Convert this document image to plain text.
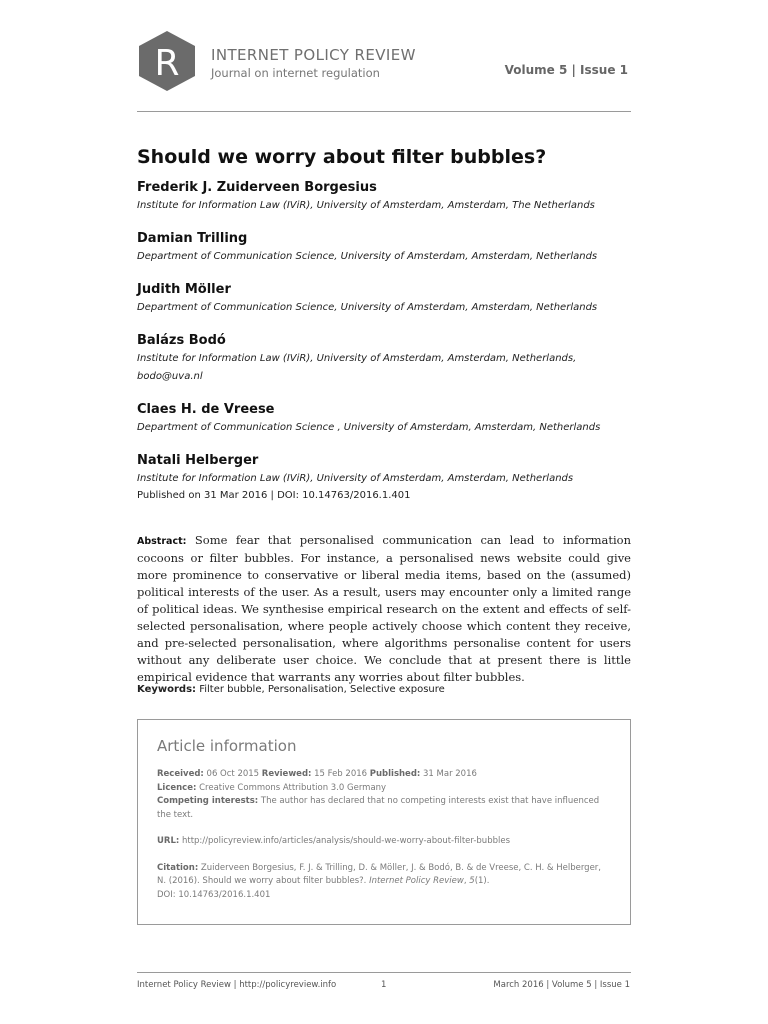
R INTERNET POLICY REVIEW
Journal on internet regulation	Volume 5 | Issue 1
Should we worry about filter bubbles?
Frederik J. Zuiderveen Borgesius
Institute for Information Law (IViR), University of Amsterdam, Amsterdam, The Netherlands
Damian Trilling
Department of Communication Science, University of Amsterdam, Amsterdam, Netherlands
Judith Möller
Department of Communication Science, University of Amsterdam, Amsterdam, Netherlands
Balázs Bodó
Institute for Information Law (IViR), University of Amsterdam, Amsterdam, Netherlands,
bodo@uva.nl
Claes H. de Vreese
Department of Communication Science , University of Amsterdam, Amsterdam, Netherlands
Natali Helberger
Institute for Information Law (IViR), University of Amsterdam, Amsterdam, Netherlands
Published on 31 Mar 2016 | DOI: 10.14763/2016.1.401
Abstract: Some fear that personalised communication can lead to information cocoons or filter bubbles. For instance, a personalised news website could give more prominence to conservative or liberal media items, based on the (assumed) political interests of the user. As a result, users may encounter only a limited range of political ideas. We synthesise empirical research on the extent and effects of self-selected personalisation, where people actively choose which content they receive, and pre-selected personalisation, where algorithms personalise content for users without any deliberate user choice. We conclude that at present there is little empirical evidence that warrants any worries about filter bubbles.
Keywords: Filter bubble, Personalisation, Selective exposure
Article information
Received: 06 Oct 2015 Reviewed: 15 Feb 2016 Published: 31 Mar 2016
Licence: Creative Commons Attribution 3.0 Germany
Competing interests: The author has declared that no competing interests exist that have influenced the text.
URL: http://policyreview.info/articles/analysis/should-we-worry-about-filter-bubbles
Citation: Zuiderveen Borgesius, F. J. & Trilling, D. & Möller, J. & Bodó, B. & de Vreese, C. H. & Helberger, N. (2016). Should we worry about filter bubbles?. Internet Policy Review, 5(1).
DOI: 10.14763/2016.1.401
Internet Policy Review | http://policyreview.info	1	March 2016 | Volume 5 | Issue 1
